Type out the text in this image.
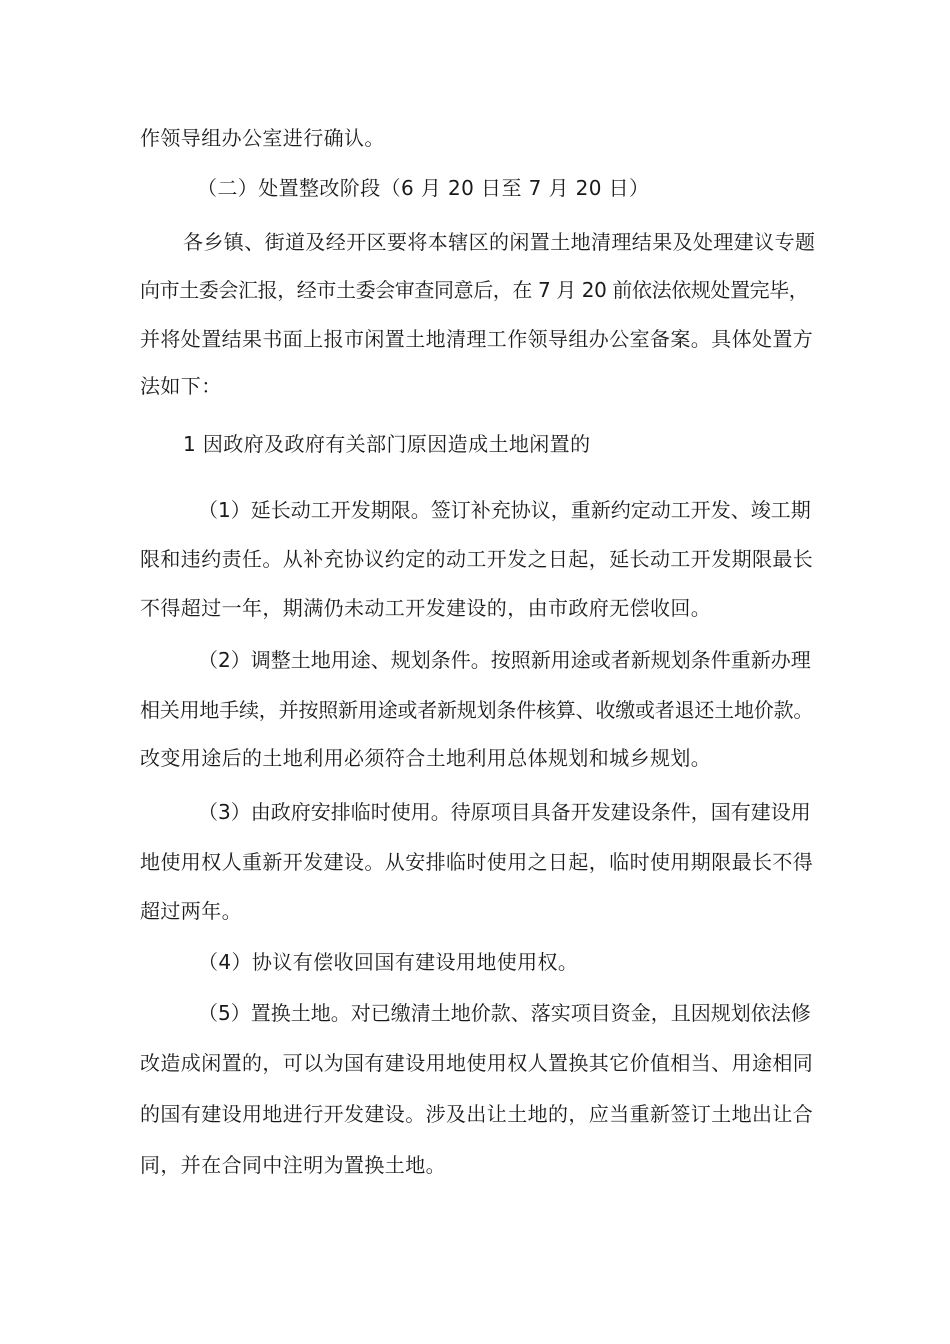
作领导组办公室进行确认。
（二）处置整改阶段（6 月 20 日至 7 月 20 日）
各乡镇、街道及经开区要将本辖区的闲置土地清理结果及处理建议专题
向市土委会汇报，经市土委会审查同意后，在 7 月 20 前依法依规处置完毕，
并将处置结果书面上报市闲置土地清理工作领导组办公室备案。具体处置方
法如下：
1 因政府及政府有关部门原因造成土地闲置的
（1）延长动工开发期限。签订补充协议，重新约定动工开发、竣工期
限和违约责任。从补充协议约定的动工开发之日起，延长动工开发期限最长
不得超过一年，期满仍未动工开发建设的，由市政府无偿收回。
（2）调整土地用途、规划条件。按照新用途或者新规划条件重新办理
相关用地手续，并按照新用途或者新规划条件核算、收缴或者退还土地价款。
改变用途后的土地利用必须符合土地利用总体规划和城乡规划。
（3）由政府安排临时使用。待原项目具备开发建设条件，国有建设用
地使用权人重新开发建设。从安排临时使用之日起，临时使用期限最长不得
超过两年。
（4）协议有偿收回国有建设用地使用权。
（5）置换土地。对已缴清土地价款、落实项目资金，且因规划依法修
改造成闲置的，可以为国有建设用地使用权人置换其它价值相当、用途相同
的国有建设用地进行开发建设。涉及出让土地的，应当重新签订土地出让合
同，并在合同中注明为置换土地。
